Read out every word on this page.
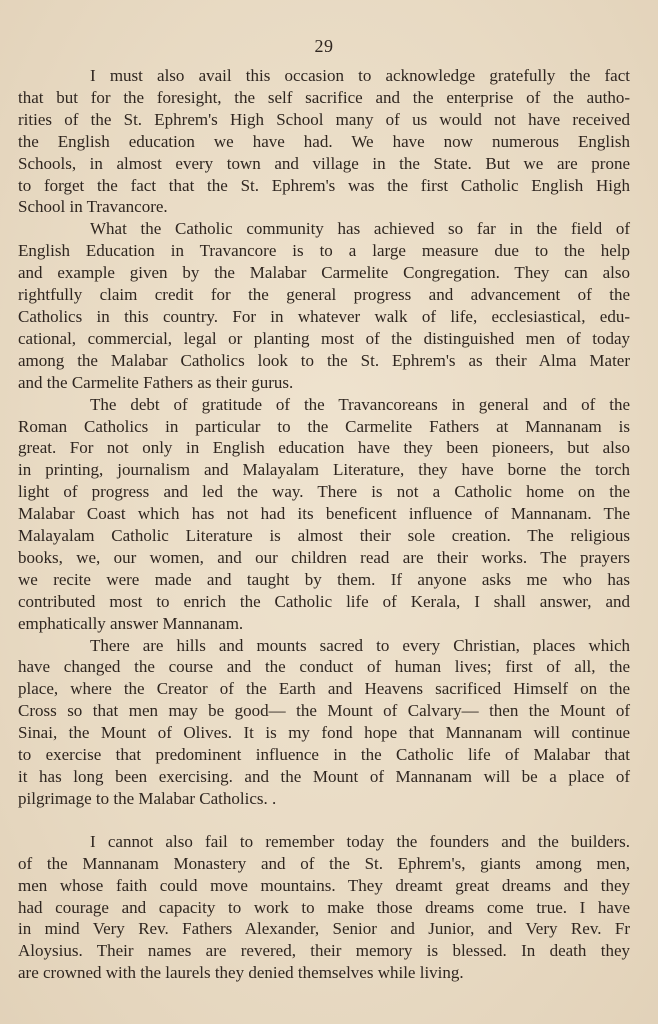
29
I must also avail this occasion to acknowledge gratefully the fact
that but for the foresight, the self sacrifice and the enterprise of the autho-
rities of the St. Ephrem's High School many of us would not have received
the English education we have had. We have now numerous English
Schools, in almost every town and village in the State. But we are prone
to forget the fact that the St. Ephrem's was the first Catholic English High
School in Travancore.
What the Catholic community has achieved so far in the field of
English Education in Travancore is to a large measure due to the help
and example given by the Malabar Carmelite Congregation. They can also
rightfully claim credit for the general progress and advancement of the
Catholics in this country. For in whatever walk of life, ecclesiastical, edu-
cational, commercial, legal or planting most of the distinguished men of today
among the Malabar Catholics look to the St. Ephrem's as their Alma Mater
and the Carmelite Fathers as their gurus.
The debt of gratitude of the Travancoreans in general and of the
Roman Catholics in particular to the Carmelite Fathers at Mannanam is
great. For not only in English education have they been pioneers, but also
in printing, journalism and Malayalam Literature, they have borne the torch
light of progress and led the way. There is not a Catholic home on the
Malabar Coast which has not had its beneficent influence of Mannanam. The
Malayalam Catholic Literature is almost their sole creation. The religious
books, we, our women, and our children read are their works. The prayers
we recite were made and taught by them. If anyone asks me who has
contributed most to enrich the Catholic life of Kerala, I shall answer, and
emphatically answer Mannanam.
There are hills and mounts sacred to every Christian, places which
have changed the course and the conduct of human lives; first of all, the
place, where the Creator of the Earth and Heavens sacrificed Himself on the
Cross so that men may be good— the Mount of Calvary— then the Mount of
Sinai, the Mount of Olives. It is my fond hope that Mannanam will continue
to exercise that predominent influence in the Catholic life of Malabar that
it has long been exercising. and the Mount of Mannanam will be a place of
pilgrimage to the Malabar Catholics. .
I cannot also fail to remember today the founders and the builders.
of the Mannanam Monastery and of the St. Ephrem's, giants among men,
men whose faith could move mountains. They dreamt great dreams and they
had courage and capacity to work to make those dreams come true. I have
in mind Very Rev. Fathers Alexander, Senior and Junior, and Very Rev. Fr
Aloysius. Their names are revered, their memory is blessed. In death they
are crowned with the laurels they denied themselves while living.
